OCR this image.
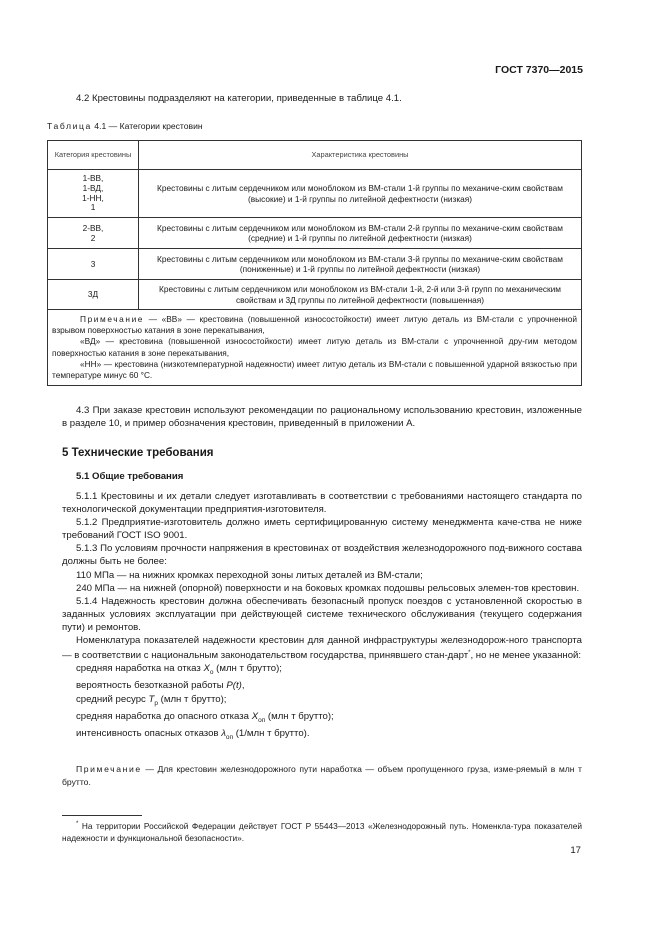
ГОСТ 7370—2015
4.2 Крестовины подразделяют на категории, приведенные в таблице 4.1.
Таблица 4.1 — Категории крестовин
Категория крестовины	Характеристика крестовины
1-ВВ,
1-ВД,
1-НН,
1	Крестовины с литым сердечником или моноблоком из ВМ-стали 1-й группы по механиче-ским свойствам (высокие) и 1-й группы по литейной дефектности (низкая)
2-ВВ,
2	Крестовины с литым сердечником или моноблоком из ВМ-стали 2-й группы по механиче-ским свойствам (средние) и 1-й группы по литейной дефектности (низкая)
3	Крестовины с литым сердечником или моноблоком из ВМ-стали 3-й группы по механиче-ским свойствам (пониженные) и 1-й группы по литейной дефектности (низкая)
3Д	Крестовины с литым сердечником или моноблоком из ВМ-стали 1-й, 2-й или 3-й групп по механическим свойствам и 3Д группы по литейной дефектности (повышенная)

Примечание — «ВВ» — крестовина (повышенной износостойкости) имеет литую деталь из ВМ-стали с упрочненной взрывом поверхностью катания в зоне перекатывания,

«ВД» — крестовина (повышенной износостойкости) имеет литую деталь из ВМ-стали с упрочненной дру-гим методом поверхностью катания в зоне перекатывания,

«НН» — крестовина (низкотемпературной надежности) имеет литую деталь из ВМ-стали с повышенной ударной вязкостью при температуре минус 60 °С.	

4.3 При заказе крестовин используют рекомендации по рациональному использованию крестовин, изложенные в разделе 10, и пример обозначения крестовин, приведенный в приложении А.

5 Технические требования
5.1 Общие требования

5.1.1 Крестовины и их детали следует изготавливать в соответствии с требованиями настоящего стандарта по технологической документации предприятия-изготовителя.

5.1.2 Предприятие-изготовитель должно иметь сертифицированную систему менеджмента каче-ства не ниже требований ГОСТ ISO 9001.

5.1.3 По условиям прочности напряжения в крестовинах от воздействия железнодорожного под-вижного состава должны быть не более:

110 МПа — на нижних кромках переходной зоны литых деталей из ВМ-стали;

240 МПа — на нижней (опорной) поверхности и на боковых кромках подошвы рельсовых элемен-тов крестовин.

5.1.4 Надежность крестовин должна обеспечивать безопасный пропуск поездов с установленной скоростью в заданных условиях эксплуатации при действующей системе технического обслуживания (текущего содержания пути) и ремонтов.

Номенклатура показателей надежности крестовин для данной инфраструктуры железнодорож-ного транспорта — в соответствии с национальным законодательством государства, принявшего стан-дарт*, но не менее указанной:

средняя наработка на отказ $X_о$ (млн т брутто);

вероятность безотказной работы P(t),

средний ресурс $T_р$ (млн т брутто);

средняя наработка до опасного отказа $X_{оп}$ (млн т брутто);

интенсивность опасных отказов $\lambda_{оп}$ (1/млн т брутто).

Примечание — Для крестовин железнодорожного пути наработка — объем пропущенного груза, изме-ряемый в млн т брутто.

* На территории Российской Федерации действует ГОСТ Р 55443—2013 «Железнодорожный путь. Номенкла-тура показателей надежности и функциональной безопасности».

17
